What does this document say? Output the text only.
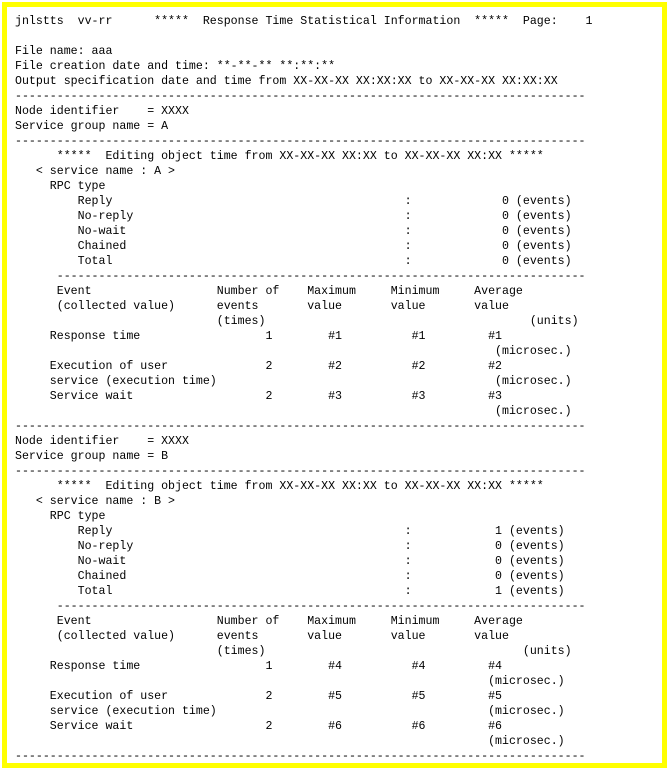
jnlstts  vv-rr      *****  Response Time Statistical Information  *****  Page:    1
File name: aaa
File creation date and time: **-**-** **:**:**
Output specification date and time from XX-XX-XX XX:XX:XX to XX-XX-XX XX:XX:XX
----------------------------------------------------------------------------------
Node identifier    = XXXX
Service group name = A
----------------------------------------------------------------------------------
*****  Editing object time from XX-XX-XX XX:XX to XX-XX-XX XX:XX *****
< service name : A >
RPC type
Reply                                          :             0 (events)
No-reply                                       :             0 (events)
No-wait                                        :             0 (events)
Chained                                        :             0 (events)
Total                                          :             0 (events)
----------------------------------------------------------------------------
Event                  Number of    Maximum     Minimum     Average
(collected value)      events       value       value       value
(times)                                      (units)
Response time                  1        #1          #1         #1
(microsec.)
Execution of user              2        #2          #2         #2
service (execution time)                                        (microsec.)
Service wait                   2        #3          #3         #3
(microsec.)
----------------------------------------------------------------------------------
Node identifier    = XXXX
Service group name = B
----------------------------------------------------------------------------------
*****  Editing object time from XX-XX-XX XX:XX to XX-XX-XX XX:XX *****
< service name : B >
RPC type
Reply                                          :            1 (events)
No-reply                                       :            0 (events)
No-wait                                        :            0 (events)
Chained                                        :            0 (events)
Total                                          :            1 (events)
----------------------------------------------------------------------------
Event                  Number of    Maximum     Minimum     Average
(collected value)      events       value       value       value
(times)                                     (units)
Response time                  1        #4          #4         #4
(microsec.)
Execution of user              2        #5          #5         #5
service (execution time)                                       (microsec.)
Service wait                   2        #6          #6         #6
(microsec.)
----------------------------------------------------------------------------------
